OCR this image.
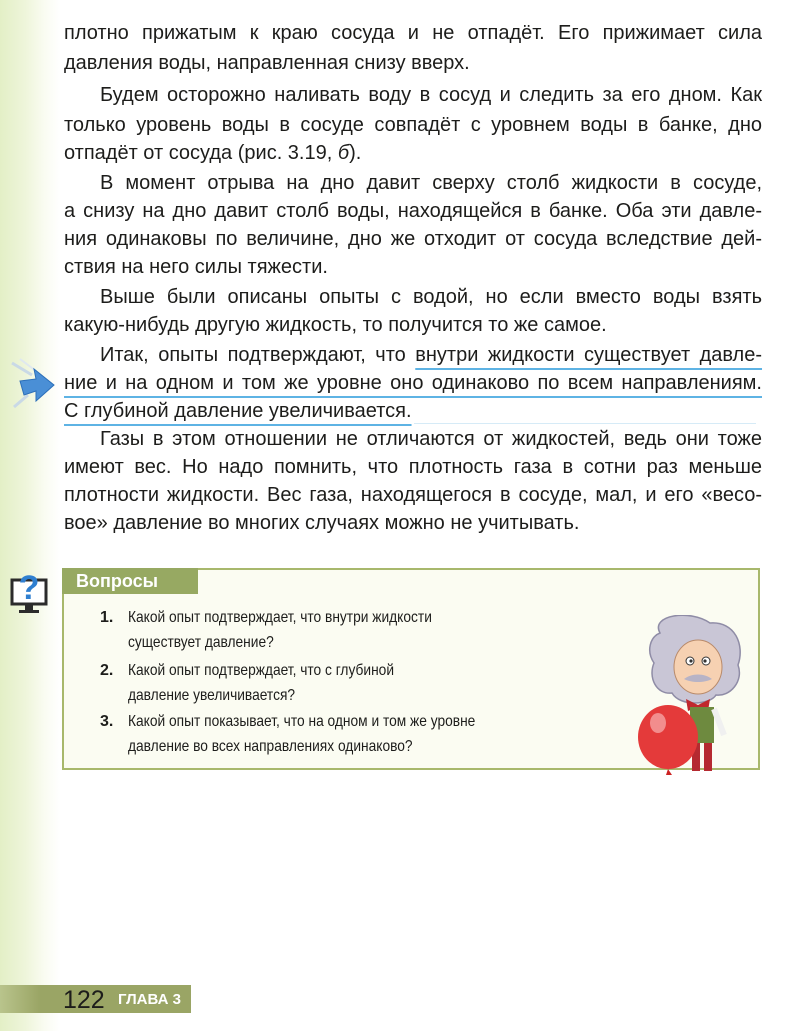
плотно прижатым к краю сосуда и не отпадёт. Его прижимает сила
давления воды, направленная снизу вверх.
Будем осторожно наливать воду в сосуд и следить за его дном. Как
только уровень воды в сосуде совпадёт с уровнем воды в банке, дно
отпадёт от сосуда (рис. 3.19, б).
В момент отрыва на дно давит сверху столб жидкости в сосуде,
а снизу на дно давит столб воды, находящейся в банке. Оба эти давле-
ния одинаковы по величине, дно же отходит от сосуда вследствие дей-
ствия на него силы тяжести.
Выше были описаны опыты с водой, но если вместо воды взять
какую-нибудь другую жидкость, то получится то же самое.
Итак, опыты подтверждают, что внутри жидкости существует давле-
ние и на одном и том же уровне оно одинаково по всем направлениям.
С глубиной давление увеличивается.
Газы в этом отношении не отличаются от жидкостей, ведь они тоже
имеют вес. Но надо помнить, что плотность газа в сотни раз меньше
плотности жидкости. Вес газа, находящегося в сосуде, мал, и его «весо-
вое» давление во многих случаях можно не учитывать.
?	Вопросы
1. Какой опыт подтверждает, что внутри жидкости
существует давление?
2. Какой опыт подтверждает, что с глубиной
давление увеличивается?
3. Какой опыт показывает, что на одном и том же уровне
давление во всех направлениях одинаково?
122 ГЛАВА 3
